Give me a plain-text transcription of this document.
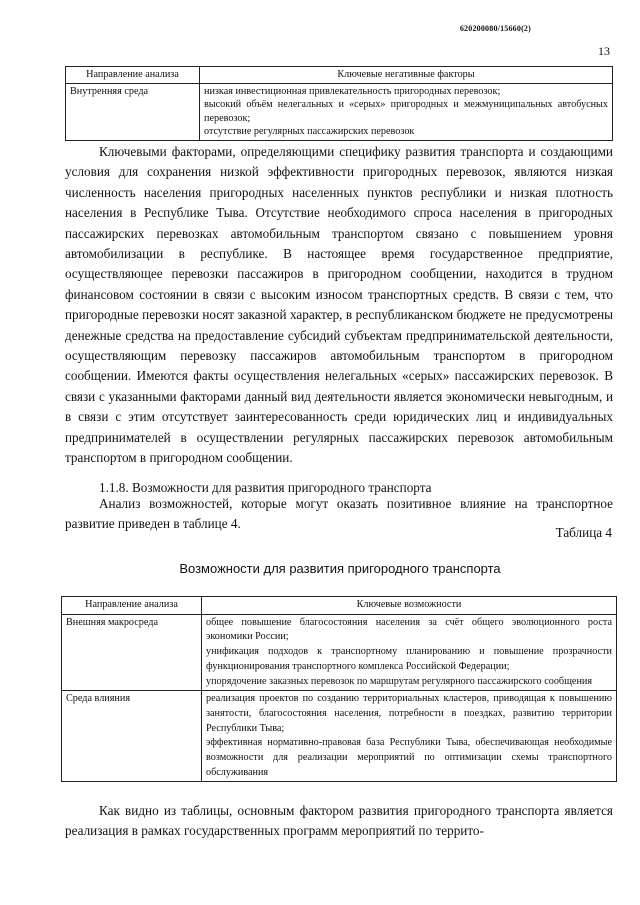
620200080/15660(2)
13
Направление анализа	Ключевые негативные факторы
Внутренняя среда	низкая инвестиционная привлекательность пригородных перевозок;
высокий объём нелегальных и «серых» пригородных и межмуниципальных автобусных перевозок;
отсутствие регулярных пассажирских перевозок

Ключевыми факторами, определяющими специфику развития транспорта и создающими условия для сохранения низкой эффективности пригородных перевозок, являются низкая численность населения пригородных населенных пунктов республики и низкая плотность населения в Республике Тыва. Отсутствие необходимого спроса населения в пригородных пассажирских перевозках автомобильным транспортом связано с повышением уровня автомобилизации в республике. В настоящее время государственное предприятие, осуществляющее перевозки пассажиров в пригородном сообщении, находится в трудном финансовом состоянии в связи с высоким износом транспортных средств. В связи с тем, что пригородные перевозки носят заказной характер, в республиканском бюджете не предусмотрены денежные средства на предоставление субсидий субъектам предпринимательской деятельности, осуществляющим перевозку пассажиров автомобильным транспортом в пригородном сообщении. Имеются факты осуществления нелегальных «серых» пассажирских перевозок. В связи с указанными факторами данный вид деятельности является экономически невыгодным, и в связи с этим отсутствует заинтересованность среди юридических лиц и индивидуальных предпринимателей в осуществлении регулярных пассажирских перевозок автомобильным транспортом в пригородном сообщении.

1.1.8. Возможности для развития пригородного транспорта

Анализ возможностей, которые могут оказать позитивное влияние на транспортное развитие приведен в таблице 4.

Таблица 4
Возможности для развития пригородного транспорта
Направление анализа	Ключевые возможности
Внешняя макросреда	общее повышение благосостояния населения за счёт общего эволюционного роста экономики России;
унификация подходов к транспортному планированию и повышение прозрачности функционирования транспортного комплекса Российской Федерации;
упорядочение заказных перевозок по маршрутам регулярного пассажирского сообщения

Среда влияния	реализация проектов по созданию территориальных кластеров, приводящая к повышению занятости, благосостояния населения, потребности в поездках, развитию территории Республики Тыва;
эффективная нормативно-правовая база Республики Тыва, обеспечивающая необходимые возможности для реализации мероприятий по оптимизации схемы транспортного обслуживания

Как видно из таблицы, основным фактором развития пригородного транспорта является реализация в рамках государственных программ мероприятий по террито-
